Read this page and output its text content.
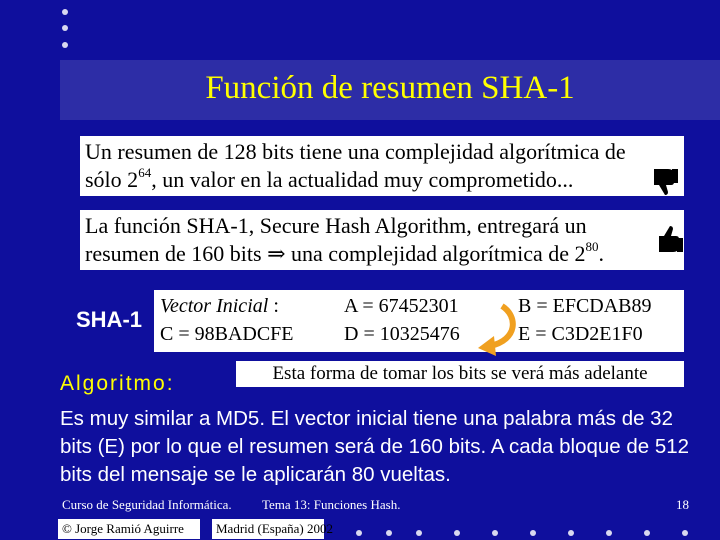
Función de resumen SHA-1
Un resumen de 128 bits tiene una complejidad algorítmica de
sólo $2^{64}$, un valor en la actualidad muy comprometido...
La función SHA-1, Secure Hash Algorithm, entregará un
resumen de 160 bits ⇒ una complejidad algorítmica de $2^{80}$.
SHA-1
Vector Inicial :	A = 67452301	B = EFCDAB89
C = 98BADCFE	D = 10325476	E = C3D2E1F0
Esta forma de tomar los bits se verá más adelante
Algoritmo:
Es muy similar a MD5. El vector inicial tiene una palabra más de 32 bits (E) por lo que el resumen será de 160 bits. A cada bloque de 512 bits del mensaje se le aplicarán 80 vueltas.
Curso de Seguridad Informática. Tema 13: Funciones Hash.	18
© Jorge Ramió Aguirre Madrid (España) 2002
